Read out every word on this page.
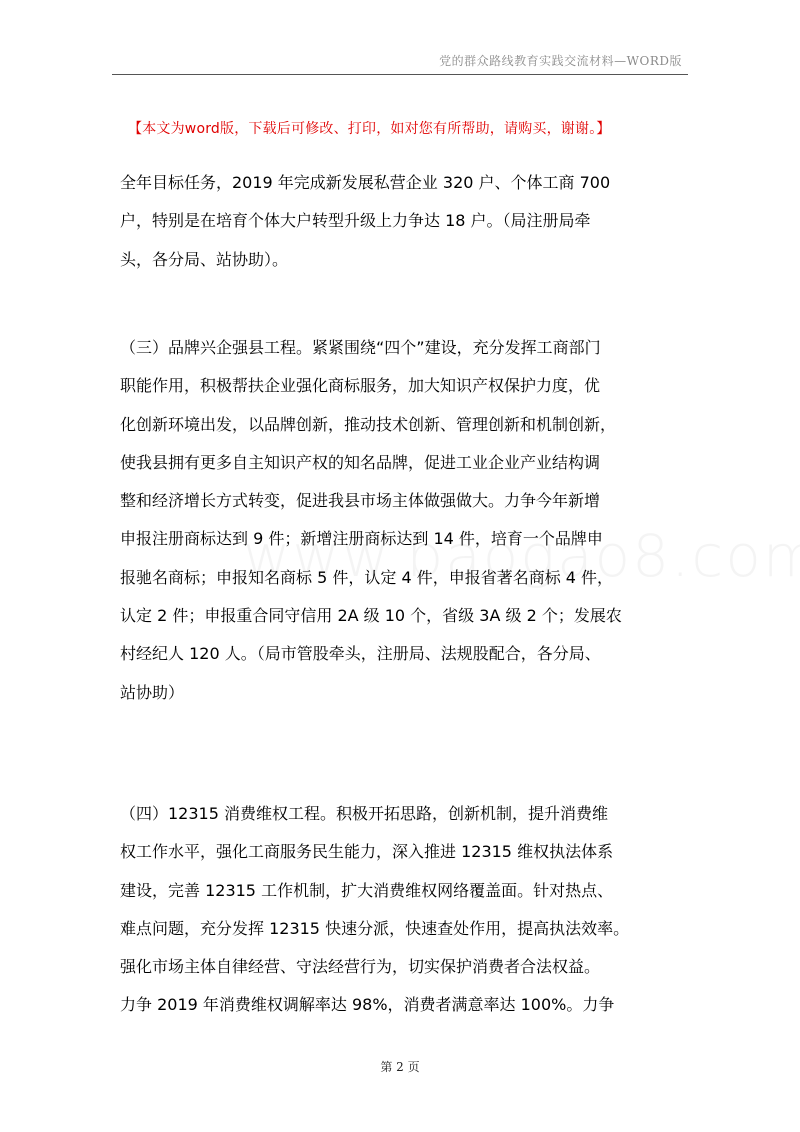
党的群众路线教育实践交流材料—WORD版
【本文为word版，下载后可修改、打印，如对您有所帮助，请购买，谢谢。】
全年目标任务，2019 年完成新发展私营企业 320 户、个体工商 700
户，特别是在培育个体大户转型升级上力争达 18 户。（局注册局牵
头，各分局、站协助）。
（三）品牌兴企强县工程。紧紧围绕“四个”建设，充分发挥工商部门
职能作用，积极帮扶企业强化商标服务，加大知识产权保护力度，优
化创新环境出发，以品牌创新，推动技术创新、管理创新和机制创新，
使我县拥有更多自主知识产权的知名品牌，促进工业企业产业结构调
整和经济增长方式转变，促进我县市场主体做强做大。力争今年新增
申报注册商标达到 9 件；新增注册商标达到 14 件，培育一个品牌申
报驰名商标；申报知名商标 5 件，认定 4 件，申报省著名商标 4 件，
认定 2 件；申报重合同守信用 2A 级 10 个，省级 3A 级 2 个；发展农
村经纪人 120 人。（局市管股牵头，注册局、法规股配合，各分局、
站协助）
（四）12315 消费维权工程。积极开拓思路，创新机制，提升消费维
权工作水平，强化工商服务民生能力，深入推进 12315 维权执法体系
建设，完善 12315 工作机制，扩大消费维权网络覆盖面。针对热点、
难点问题，充分发挥 12315 快速分派，快速查处作用，提高执法效率。
强化市场主体自律经营、守法经营行为，切实保护消费者合法权益。
力争 2019 年消费维权调解率达 98%，消费者满意率达 100%。力争
第 2 页
